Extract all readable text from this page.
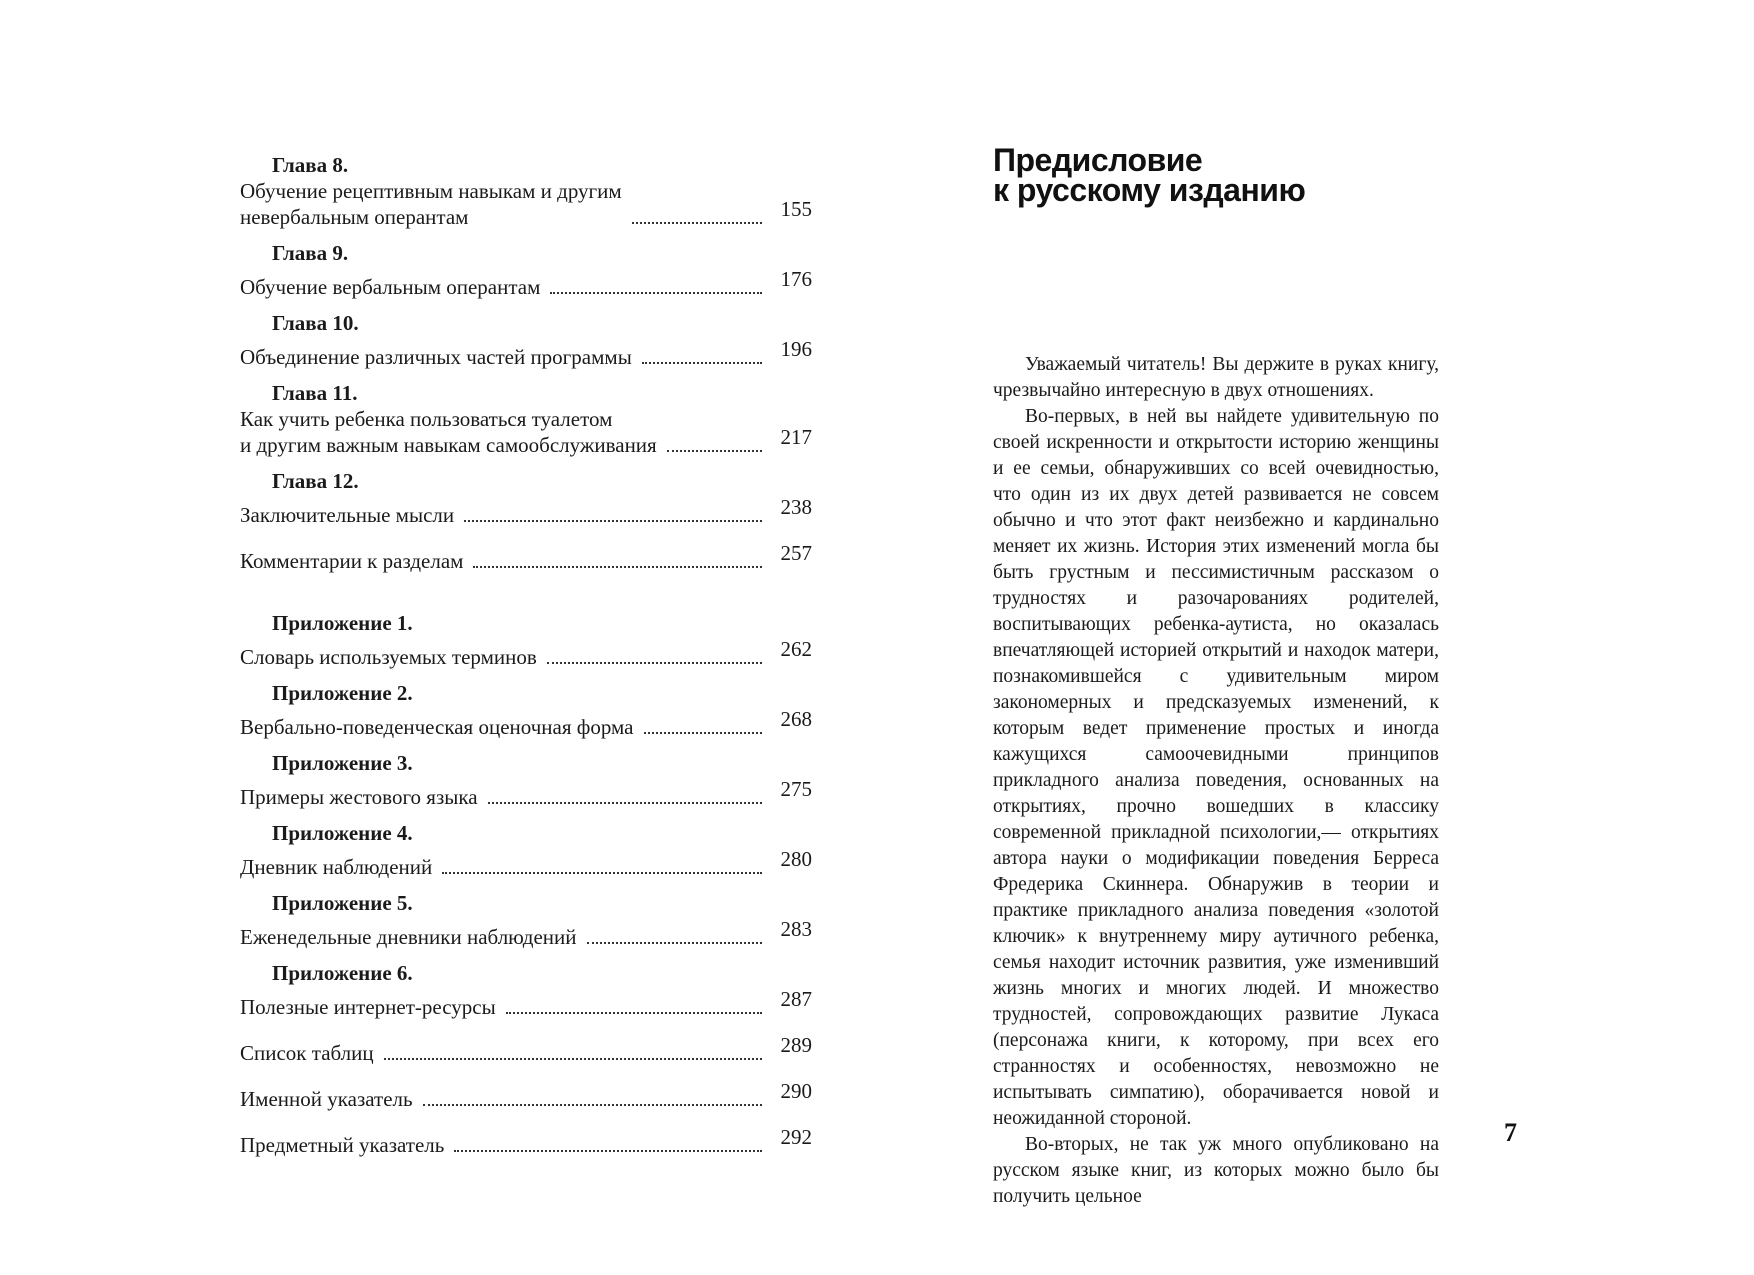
Глава 8.
Обучение рецептивным навыкам и другим
невербальным оперантам	155
Глава 9.
Обучение вербальным оперантам	176
Глава 10.
Объединение различных частей программы	196
Глава 11.
Как учить ребенка пользоваться туалетом
и другим важным навыкам самообслуживания	217
Глава 12.
Заключительные мысли	238
Комментарии к разделам	257
Приложение 1.
Словарь используемых терминов	262
Приложение 2.
Вербально-поведенческая оценочная форма	268
Приложение 3.
Примеры жестового языка	275
Приложение 4.
Дневник наблюдений	280
Приложение 5.
Еженедельные дневники наблюдений	283
Приложение 6.
Полезные интернет-ресурсы	287
Список таблиц	289
Именной указатель	290
Предметный указатель	292
Предисловие
к русскому изданию

Уважаемый читатель! Вы держите в руках книгу, чрезвычайно интересную в двух отношениях.

Во-первых, в ней вы найдете удивительную по своей искренности и открытости историю женщины и ее семьи, обнаруживших со всей очевидностью, что один из их двух детей развивается не совсем обычно и что этот факт неизбежно и кардинально меняет их жизнь. История этих изменений могла бы быть грустным и пессимистичным рассказом о трудностях и разочарованиях родителей, воспитывающих ребенка-аутиста, но оказалась впечатляющей историей открытий и находок матери, познакомившейся с удивительным миром закономерных и предсказуемых изменений, к которым ведет применение простых и иногда кажущихся самоочевидными принципов прикладного анализа поведения, основанных на открытиях, прочно вошедших в классику современной прикладной психологии,— открытиях автора науки о модификации поведения Берреса Фредерика Скиннера. Обнаружив в теории и практике прикладного анализа поведения «золотой ключик» к внутреннему миру аутичного ребенка, семья находит источник развития, уже изменивший жизнь многих и многих людей. И множество трудностей, сопровождающих развитие Лукаса (персонажа книги, к которому, при всех его странностях и особенностях, невозможно не испытывать симпатию), оборачивается новой и неожиданной стороной.

Во-вторых, не так уж много опубликовано на русском языке книг, из которых можно было бы получить цельное

7
